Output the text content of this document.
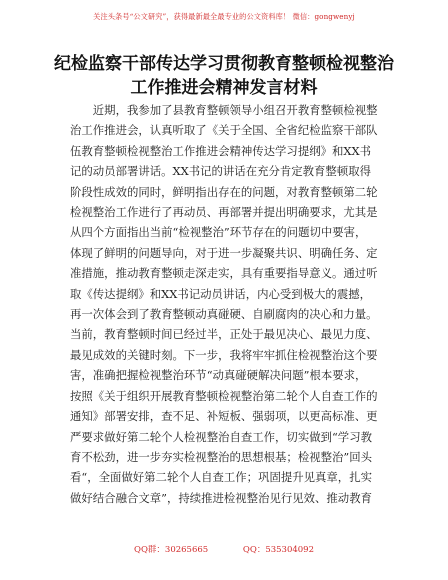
关注头条号“公文研究”，获得最新最全最专业的公文资料库！ 微信：gongwenyj
纪检监察干部传达学习贯彻教育整顿检视整治
工作推进会精神发言材料
　　近期，我参加了县教育整顿领导小组召开教育整顿检视整
治工作推进会，认真听取了《关于全国、全省纪检监察干部队
伍教育整顿检视整治工作推进会精神传达学习提纲》和XX书
记的动员部署讲话。XX书记的讲话在充分肯定教育整顿取得
阶段性成效的同时，鲜明指出存在的问题，对教育整顿第二轮
检视整治工作进行了再动员、再部署并提出明确要求，尤其是
从四个方面指出当前“检视整治”环节存在的问题切中要害，
体现了鲜明的问题导向，对于进一步凝聚共识、明确任务、定
准措施，推动教育整顿走深走实，具有重要指导意义。通过听
取《传达提纲》和XX书记动员讲话，内心受到极大的震撼，
再一次体会到了教育整顿动真碰硬、自刷腐肉的决心和力量。
当前，教育整顿时间已经过半，正处于最见决心、最见力度、
最见成效的关键时刻。下一步，我将牢牢抓住检视整治这个要
害，准确把握检视整治环节“动真碰硬解决问题”根本要求，
按照《关于组织开展教育整顿检视整治第二轮个人自查工作的
通知》部署安排，查不足、补短板、强弱项，以更高标准、更
严要求做好第二轮个人检视整治自查工作，切实做到“学习教
育不松劲，进一步夯实检视整治的思想根基；检视整治”回头
看“，全面做好第二轮个人自查工作；巩固提升见真章，扎实
做好结合融合文章”，持续推进检视整治见行见效、推动教育
QQ群：30265665	QQ：535304092
